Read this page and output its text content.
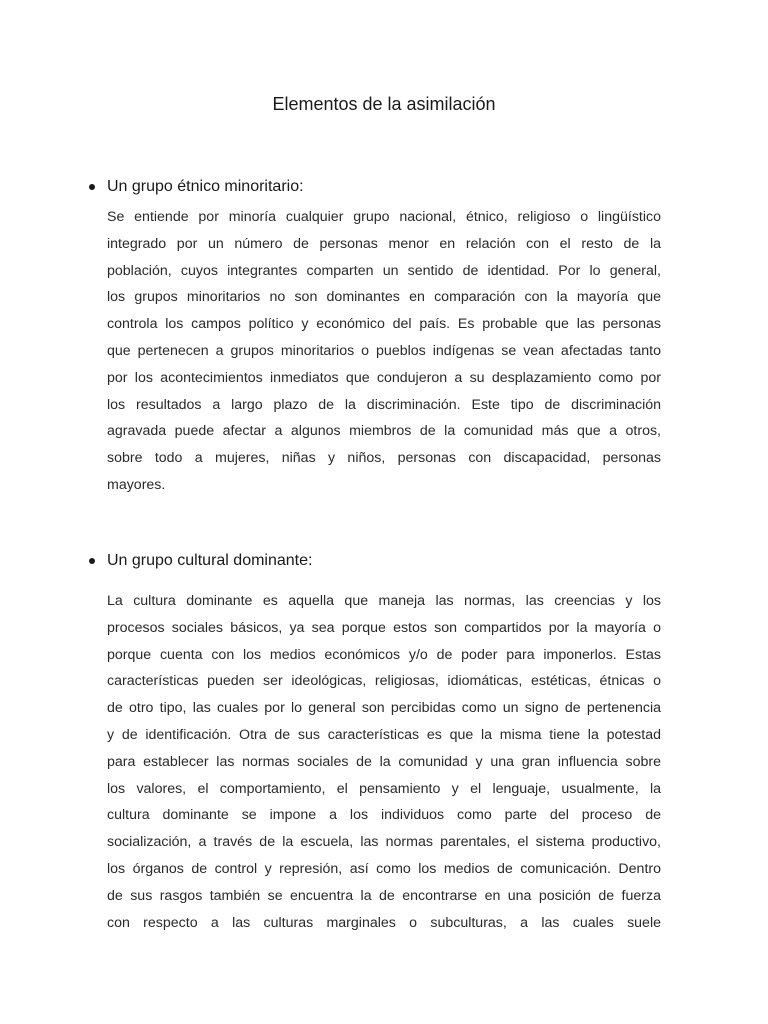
Elementos de la asimilación
Un grupo étnico minoritario:
Se entiende por minoría cualquier grupo nacional, étnico, religioso o lingüístico
integrado por un número de personas menor en relación con el resto de la
población, cuyos integrantes comparten un sentido de identidad. Por lo general,
los grupos minoritarios no son dominantes en comparación con la mayoría que
controla los campos político y económico del país. Es probable que las personas
que pertenecen a grupos minoritarios o pueblos indígenas se vean afectadas tanto
por los acontecimientos inmediatos que condujeron a su desplazamiento como por
los resultados a largo plazo de la discriminación. Este tipo de discriminación
agravada puede afectar a algunos miembros de la comunidad más que a otros,
sobre todo a mujeres, niñas y niños, personas con discapacidad, personas
mayores.
Un grupo cultural dominante:
La cultura dominante es aquella que maneja las normas, las creencias y los
procesos sociales básicos, ya sea porque estos son compartidos por la mayoría o
porque cuenta con los medios económicos y/o de poder para imponerlos. Estas
características pueden ser ideológicas, religiosas, idiomáticas, estéticas, étnicas o
de otro tipo, las cuales por lo general son percibidas como un signo de pertenencia
y de identificación. Otra de sus características es que la misma tiene la potestad
para establecer las normas sociales de la comunidad y una gran influencia sobre
los valores, el comportamiento, el pensamiento y el lenguaje, usualmente, la
cultura dominante se impone a los individuos como parte del proceso de
socialización, a través de la escuela, las normas parentales, el sistema productivo,
los órganos de control y represión, así como los medios de comunicación. Dentro
de sus rasgos también se encuentra la de encontrarse en una posición de fuerza
con respecto a las culturas marginales o subculturas, a las cuales suele
